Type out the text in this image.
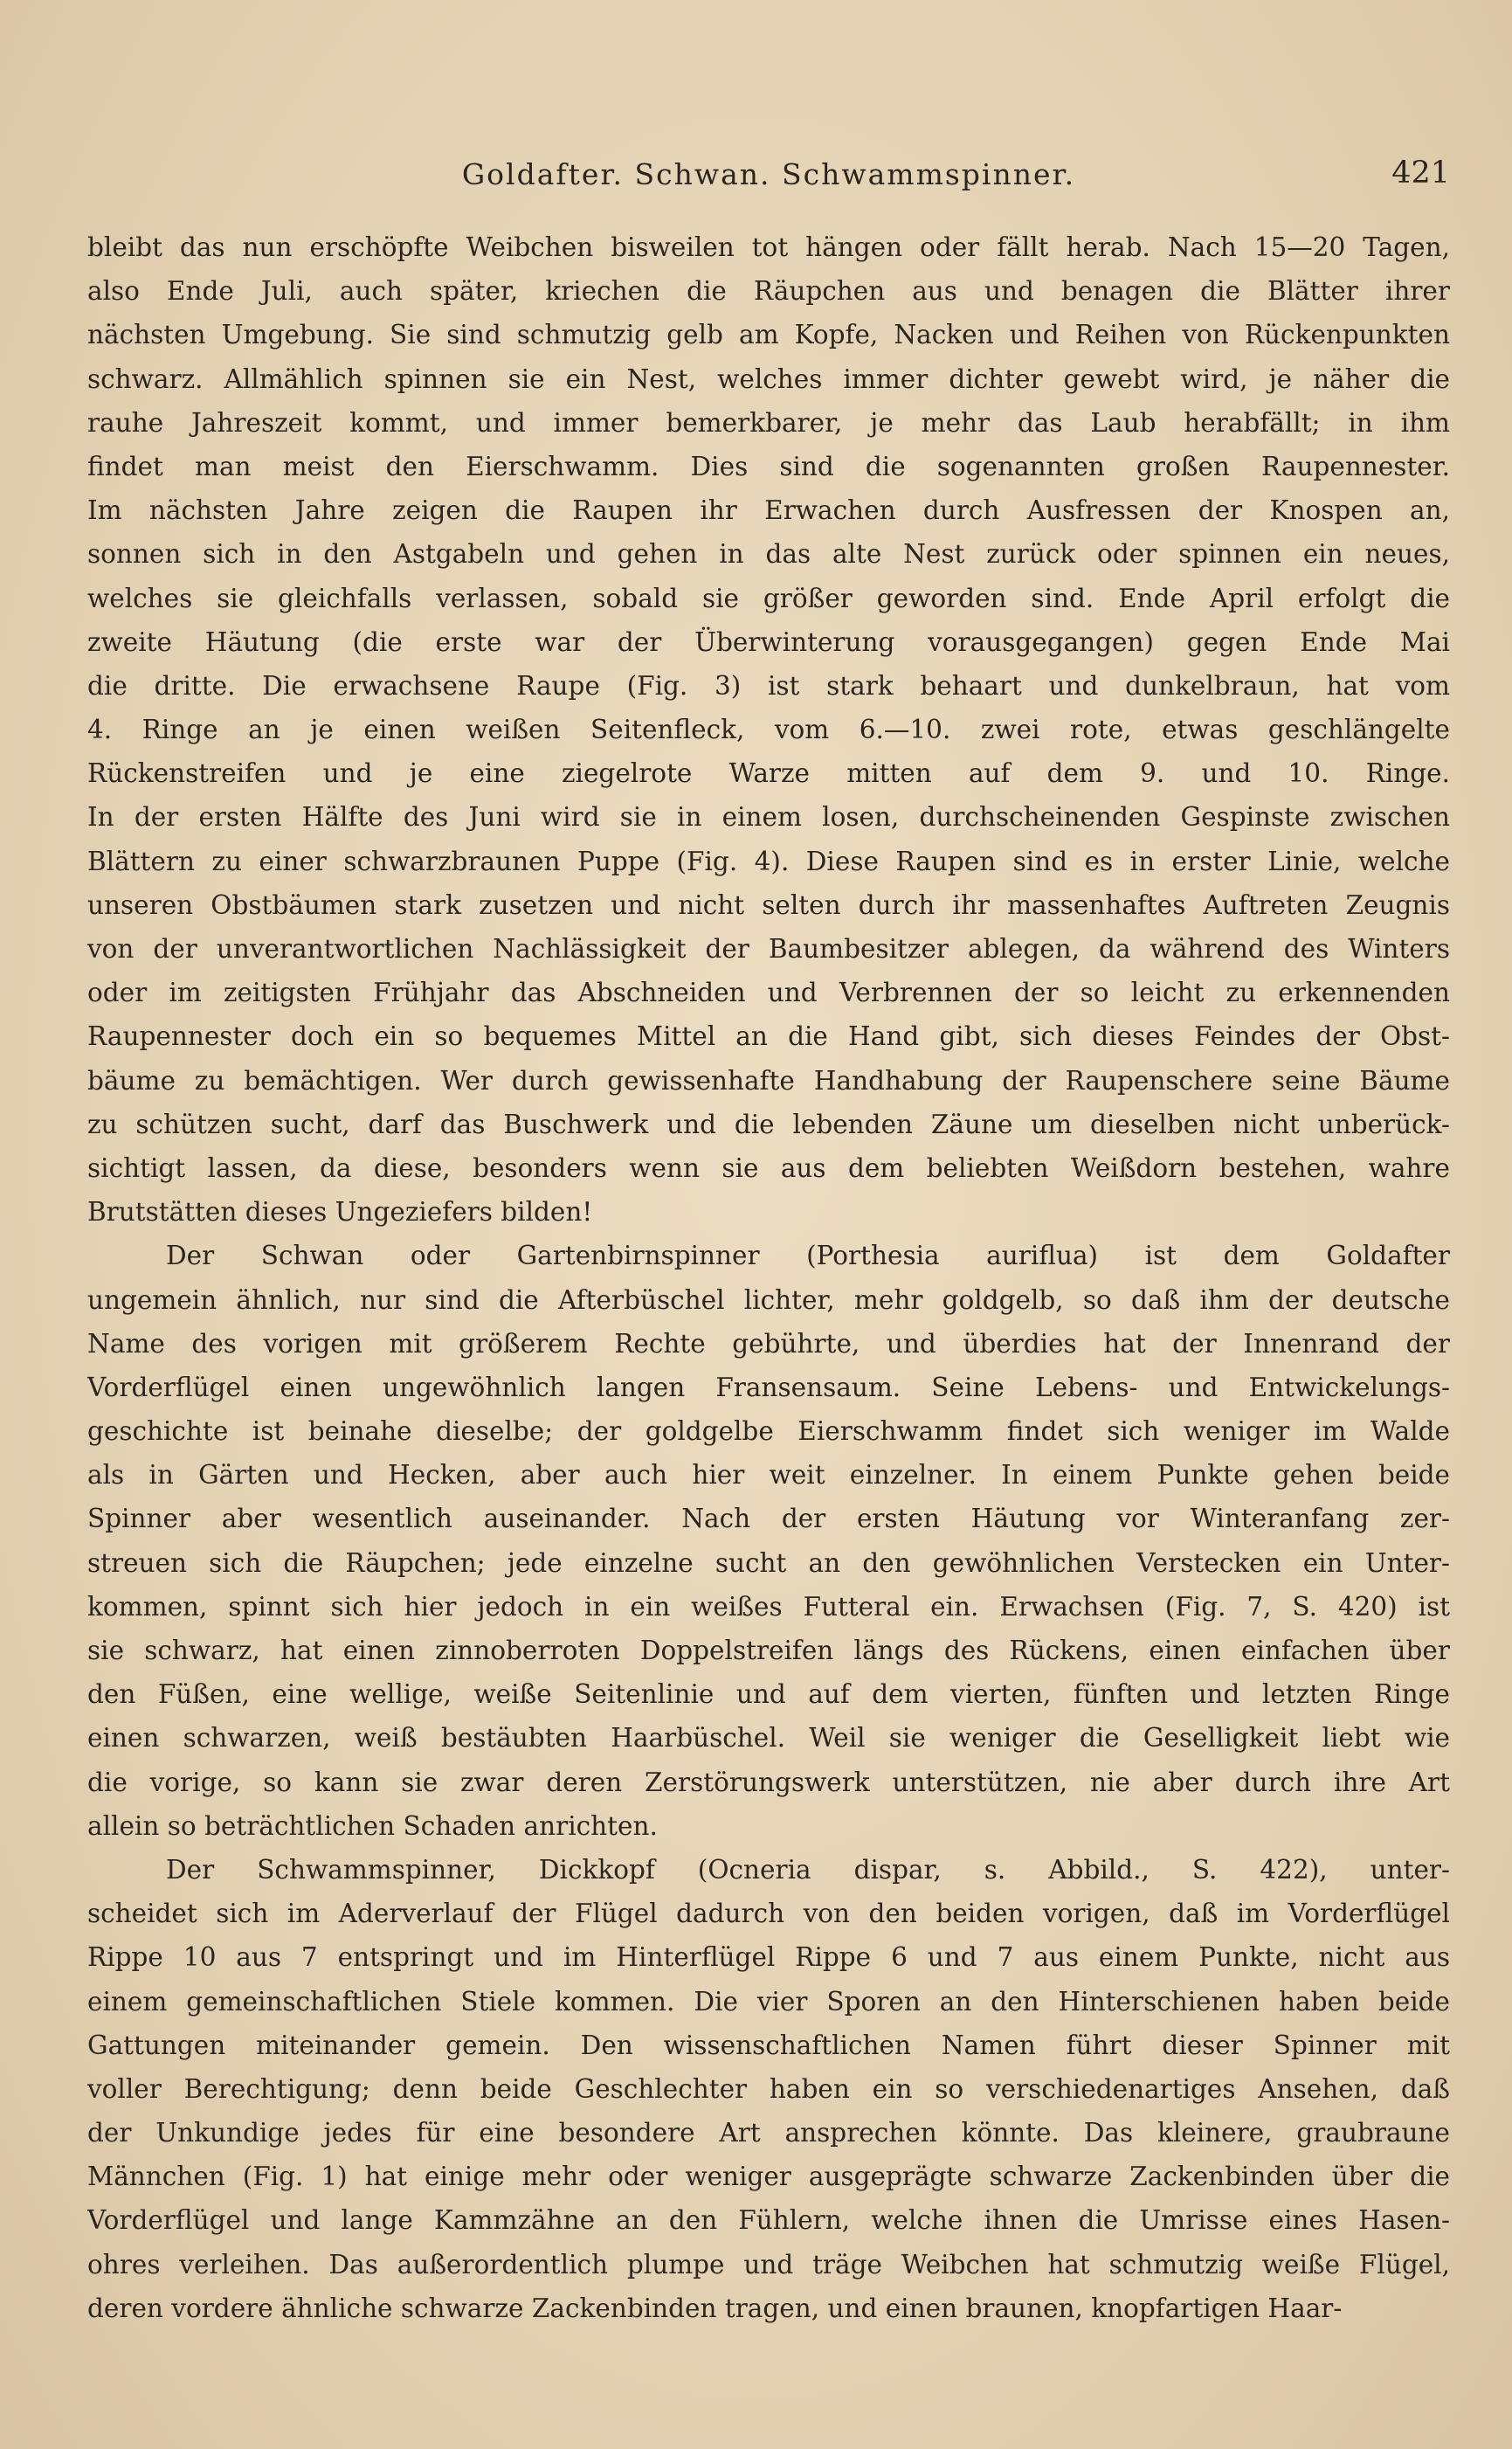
Goldafter. Schwan. Schwammspinner.	421
bleibt das nun erschöpfte Weibchen bisweilen tot hängen oder fällt herab. Nach 15—20 Tagen,
also Ende Juli, auch später, kriechen die Räupchen aus und benagen die Blätter ihrer
nächsten Umgebung. Sie sind schmutzig gelb am Kopfe, Nacken und Reihen von Rückenpunkten
schwarz. Allmählich spinnen sie ein Nest, welches immer dichter gewebt wird, je näher die
rauhe Jahreszeit kommt, und immer bemerkbarer, je mehr das Laub herabfällt; in ihm
findet man meist den Eierschwamm. Dies sind die sogenannten großen Raupennester.
Im nächsten Jahre zeigen die Raupen ihr Erwachen durch Ausfressen der Knospen an,
sonnen sich in den Astgabeln und gehen in das alte Nest zurück oder spinnen ein neues,
welches sie gleichfalls verlassen, sobald sie größer geworden sind. Ende April erfolgt die
zweite Häutung (die erste war der Überwinterung vorausgegangen) gegen Ende Mai
die dritte. Die erwachsene Raupe (Fig. 3) ist stark behaart und dunkelbraun, hat vom
4. Ringe an je einen weißen Seitenfleck, vom 6.—10. zwei rote, etwas geschlängelte
Rückenstreifen und je eine ziegelrote Warze mitten auf dem 9. und 10. Ringe.
In der ersten Hälfte des Juni wird sie in einem losen, durchscheinenden Gespinste zwischen
Blättern zu einer schwarzbraunen Puppe (Fig. 4). Diese Raupen sind es in erster Linie, welche
unseren Obstbäumen stark zusetzen und nicht selten durch ihr massenhaftes Auftreten Zeugnis
von der unverantwortlichen Nachlässigkeit der Baumbesitzer ablegen, da während des Winters
oder im zeitigsten Frühjahr das Abschneiden und Verbrennen der so leicht zu erkennenden
Raupennester doch ein so bequemes Mittel an die Hand gibt, sich dieses Feindes der Obst-
bäume zu bemächtigen. Wer durch gewissenhafte Handhabung der Raupenschere seine Bäume
zu schützen sucht, darf das Buschwerk und die lebenden Zäune um dieselben nicht unberück-
sichtigt lassen, da diese, besonders wenn sie aus dem beliebten Weißdorn bestehen, wahre
Brutstätten dieses Ungeziefers bilden!
Der Schwan oder Gartenbirnspinner (Porthesia auriflua) ist dem Goldafter
ungemein ähnlich, nur sind die Afterbüschel lichter, mehr goldgelb, so daß ihm der deutsche
Name des vorigen mit größerem Rechte gebührte, und überdies hat der Innenrand der
Vorderflügel einen ungewöhnlich langen Fransensaum. Seine Lebens- und Entwickelungs-
geschichte ist beinahe dieselbe; der goldgelbe Eierschwamm findet sich weniger im Walde
als in Gärten und Hecken, aber auch hier weit einzelner. In einem Punkte gehen beide
Spinner aber wesentlich auseinander. Nach der ersten Häutung vor Winteranfang zer-
streuen sich die Räupchen; jede einzelne sucht an den gewöhnlichen Verstecken ein Unter-
kommen, spinnt sich hier jedoch in ein weißes Futteral ein. Erwachsen (Fig. 7, S. 420) ist
sie schwarz, hat einen zinnoberroten Doppelstreifen längs des Rückens, einen einfachen über
den Füßen, eine wellige, weiße Seitenlinie und auf dem vierten, fünften und letzten Ringe
einen schwarzen, weiß bestäubten Haarbüschel. Weil sie weniger die Geselligkeit liebt wie
die vorige, so kann sie zwar deren Zerstörungswerk unterstützen, nie aber durch ihre Art
allein so beträchtlichen Schaden anrichten.
Der Schwammspinner, Dickkopf (Ocneria dispar, s. Abbild., S. 422), unter-
scheidet sich im Aderverlauf der Flügel dadurch von den beiden vorigen, daß im Vorderflügel
Rippe 10 aus 7 entspringt und im Hinterflügel Rippe 6 und 7 aus einem Punkte, nicht aus
einem gemeinschaftlichen Stiele kommen. Die vier Sporen an den Hinterschienen haben beide
Gattungen miteinander gemein. Den wissenschaftlichen Namen führt dieser Spinner mit
voller Berechtigung; denn beide Geschlechter haben ein so verschiedenartiges Ansehen, daß
der Unkundige jedes für eine besondere Art ansprechen könnte. Das kleinere, graubraune
Männchen (Fig. 1) hat einige mehr oder weniger ausgeprägte schwarze Zackenbinden über die
Vorderflügel und lange Kammzähne an den Fühlern, welche ihnen die Umrisse eines Hasen-
ohres verleihen. Das außerordentlich plumpe und träge Weibchen hat schmutzig weiße Flügel,
deren vordere ähnliche schwarze Zackenbinden tragen, und einen braunen, knopfartigen Haar-
